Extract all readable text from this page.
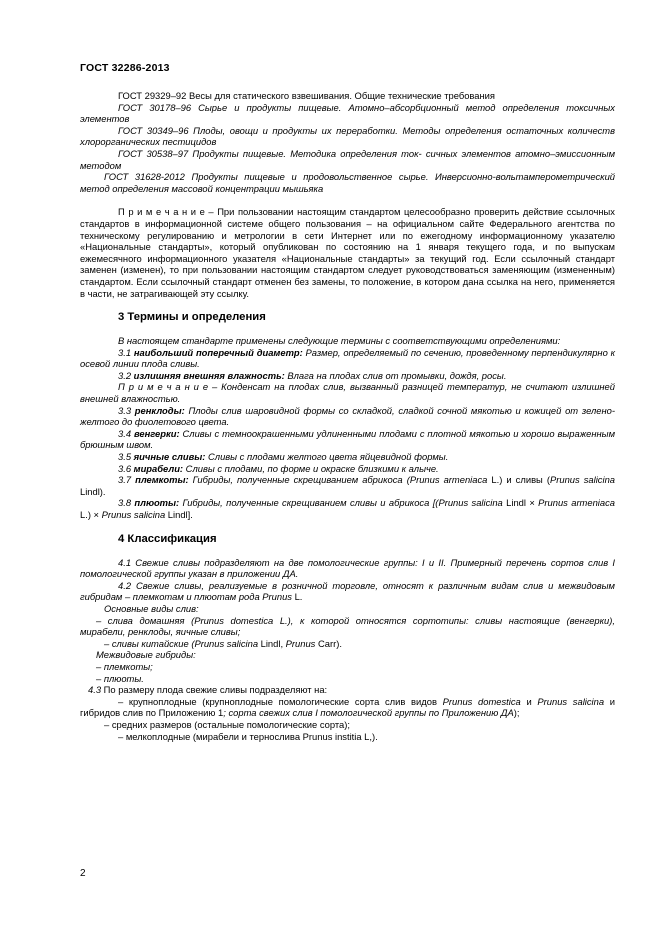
ГОСТ 32286-2013

ГОСТ 29329–92 Весы для статического взвешивания. Общие технические требования

ГОСТ 30178–96 Сырье и продукты пищевые. Атомно–абсорбционный метод определения токсичных элементов

ГОСТ 30349–96 Плоды, овощи и продукты их переработки. Методы определения остаточных количеств хлорорганических пестицидов

ГОСТ 30538–97 Продукты пищевые. Методика определения ток- сичных элементов атомно–эмиссионным методом

ГОСТ 31628-2012 Продукты пищевые и продовольственное сырье. Инверсионно-вольтамперометрический метод определения массовой концентрации мышьяка

П р и м е ч а н и е – При пользовании настоящим стандартом целесообразно проверить действие ссылочных стандартов в информационной системе общего пользования – на официальном сайте Федерального агентства по техническому регулированию и метрологии в сети Интернет или по ежегодному информационному указателю «Национальные стандарты», который опубликован по состоянию на 1 января текущего года, и по выпускам ежемесячного информационного указателя «Национальные стандарты» за текущий год. Если ссылочный стандарт заменен (изменен), то при пользовании настоящим стандартом следует руководствоваться заменяющим (измененным) стандартом. Если ссылочный стандарт отменен без замены, то положение, в котором дана ссылка на него, применяется в части, не затрагивающей эту ссылку.

3 Термины и определения

В настоящем стандарте применены следующие термины с соответствующими определениями:

3.1 наибольший поперечный диаметр: Размер, определяемый по сечению, проведенному перпендикулярно к осевой линии плода сливы.

3.2 излишняя внешняя влажность: Влага на плодах слив от промывки, дождя, росы.

П р и м е ч а н и е – Конденсат на плодах слив, вызванный разницей температур, не считают излишней внешней влажностью.

3.3 ренклоды: Плоды слив шаровидной формы со складкой, сладкой сочной мякотью и кожицей от зелено-желтого до фиолетового цвета.

3.4 венгерки: Сливы с темноокрашенными удлиненными плодами с плотной мякотью и хорошо выраженным брюшным швом.

3.5 яичные сливы: Сливы с плодами желтого цвета яйцевидной формы.

3.6 мирабели: Сливы с плодами, по форме и окраске близкими к алыче.

3.7 племкоты: Гибриды, полученные скрещиванием абрикоса (Prunus armeniaca L.) и сливы (Prunus salicina Lindl).

3.8 плюоты: Гибриды, полученные скрещиванием сливы и абрикоса [(Prunus salicina Lindl × Prunus armeniaca L.) × Prunus salicina Lindl].

4 Классификация

4.1 Свежие сливы подразделяют на две помологические группы: I и II. Примерный перечень сортов слив I помологической группы указан в приложении ДА.

4.2 Свежие сливы, реализуемые в розничной торговле, относят к различным видам слив и межвидовым гибридам – племкотам и плюотам рода Prunus L.

Основные виды слив:

– слива домашняя (Prunus domestica L.), к которой относятся сортотипы: сливы настоящие (венгерки), мирабели, ренклоды, яичные сливы;

– сливы китайские (Prunus salicina Lindl, Prunus Carr).

Межвидовые гибриды:

– племкоты;

– плюоты.

4.3 По размеру плода свежие сливы подразделяют на:

– крупноплодные (крупноплодные помологические сорта слив видов Prunus domestica и Prunus salicina и гибридов слив по Приложению 1; сорта свежих слив I помологической группы по Приложению ДА);

– средних размеров (остальные помологические сорта);

– мелкоплодные (мирабели и терносливa Prunus institia L,).

2
